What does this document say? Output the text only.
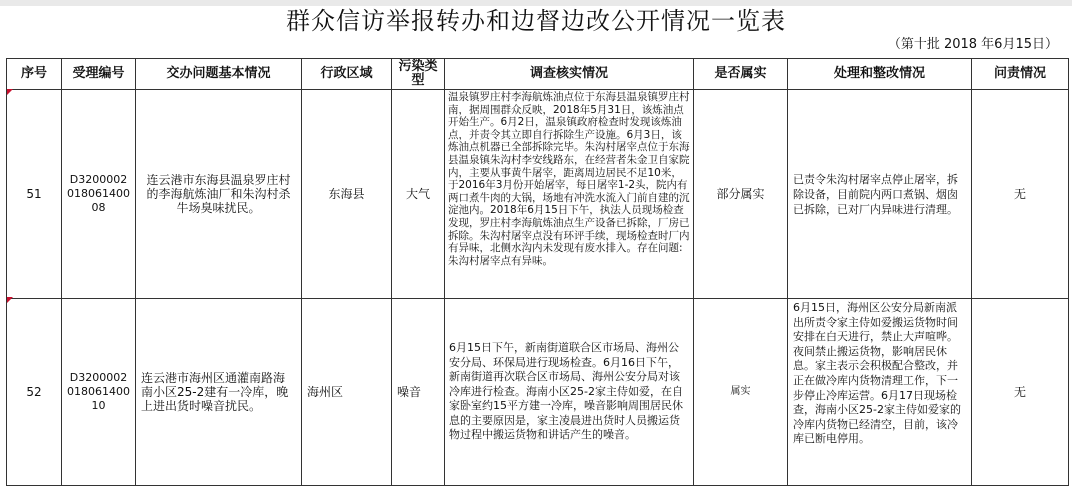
群众信访举报转办和边督边改公开情况一览表
（第十批 2018 年6月15日）
序号	受理编号	交办问题基本情况	行政区域	污染类型	调查核实情况	是否属实	处理和整改情况	问责情况
51	D320000201806140008	连云港市东海县温泉罗庄村的李海航炼油厂和朱沟村杀牛场臭味扰民。	东海县	大气	温泉镇罗庄村李海航炼油点位于东海县温泉镇罗庄村南，据周围群众反映，2018年5月31日，该炼油点开始生产。6月2日，温泉镇政府检查时发现该炼油点，并责令其立即自行拆除生产设施。6月3日，该炼油点机器已全部拆除完毕。朱沟村屠宰点位于东海县温泉镇朱沟村李安线路东，在经营者朱金卫自家院内，主要从事黄牛屠宰，距离周边居民不足10米，于2016年3月份开始屠宰，每日屠宰1-2头，院内有两口煮牛肉的大锅，场地有冲洗水流入门前自建的沉淀池内。2018年6月15日下午，执法人员现场检查发现，罗庄村李海航炼油点生产设备已拆除，厂房已拆除。朱沟村屠宰点没有环评手续，现场检查时厂内有异味，北侧水沟内未发现有废水排入。存在问题:朱沟村屠宰点有异味。	部分属实	已责令朱沟村屠宰点停止屠宰，拆除设备，目前院内两口煮锅、烟囱已拆除，已对厂内异味进行清理。	无
52	D320000201806140010	连云港市海州区通灌南路海南小区25-2建有一冷库，晚上进出货时噪音扰民。	海州区	噪音	6月15日下午，新南街道联合区市场局、海州公安分局、环保局进行现场检查。6月16日下午，新南街道再次联合区市场局、海州公安分局对该冷库进行检查。海南小区25-2家主侍如爱，在自家卧室约15平方建一冷库，噪音影响周围居民休息的主要原因是，家主凌晨进出货时人员搬运货物过程中搬运货物和讲话产生的噪音。	属实	6月15日，海州区公安分局新南派出所责令家主侍如爱搬运货物时间安排在白天进行，禁止大声喧哗。夜间禁止搬运货物，影响居民休息。家主表示会积极配合整改，并正在做冷库内货物清理工作，下一步停止冷库运营。6月17日现场检查，海南小区25-2家主侍如爱家的冷库内货物已经清空，目前，该冷库已断电停用。	无
